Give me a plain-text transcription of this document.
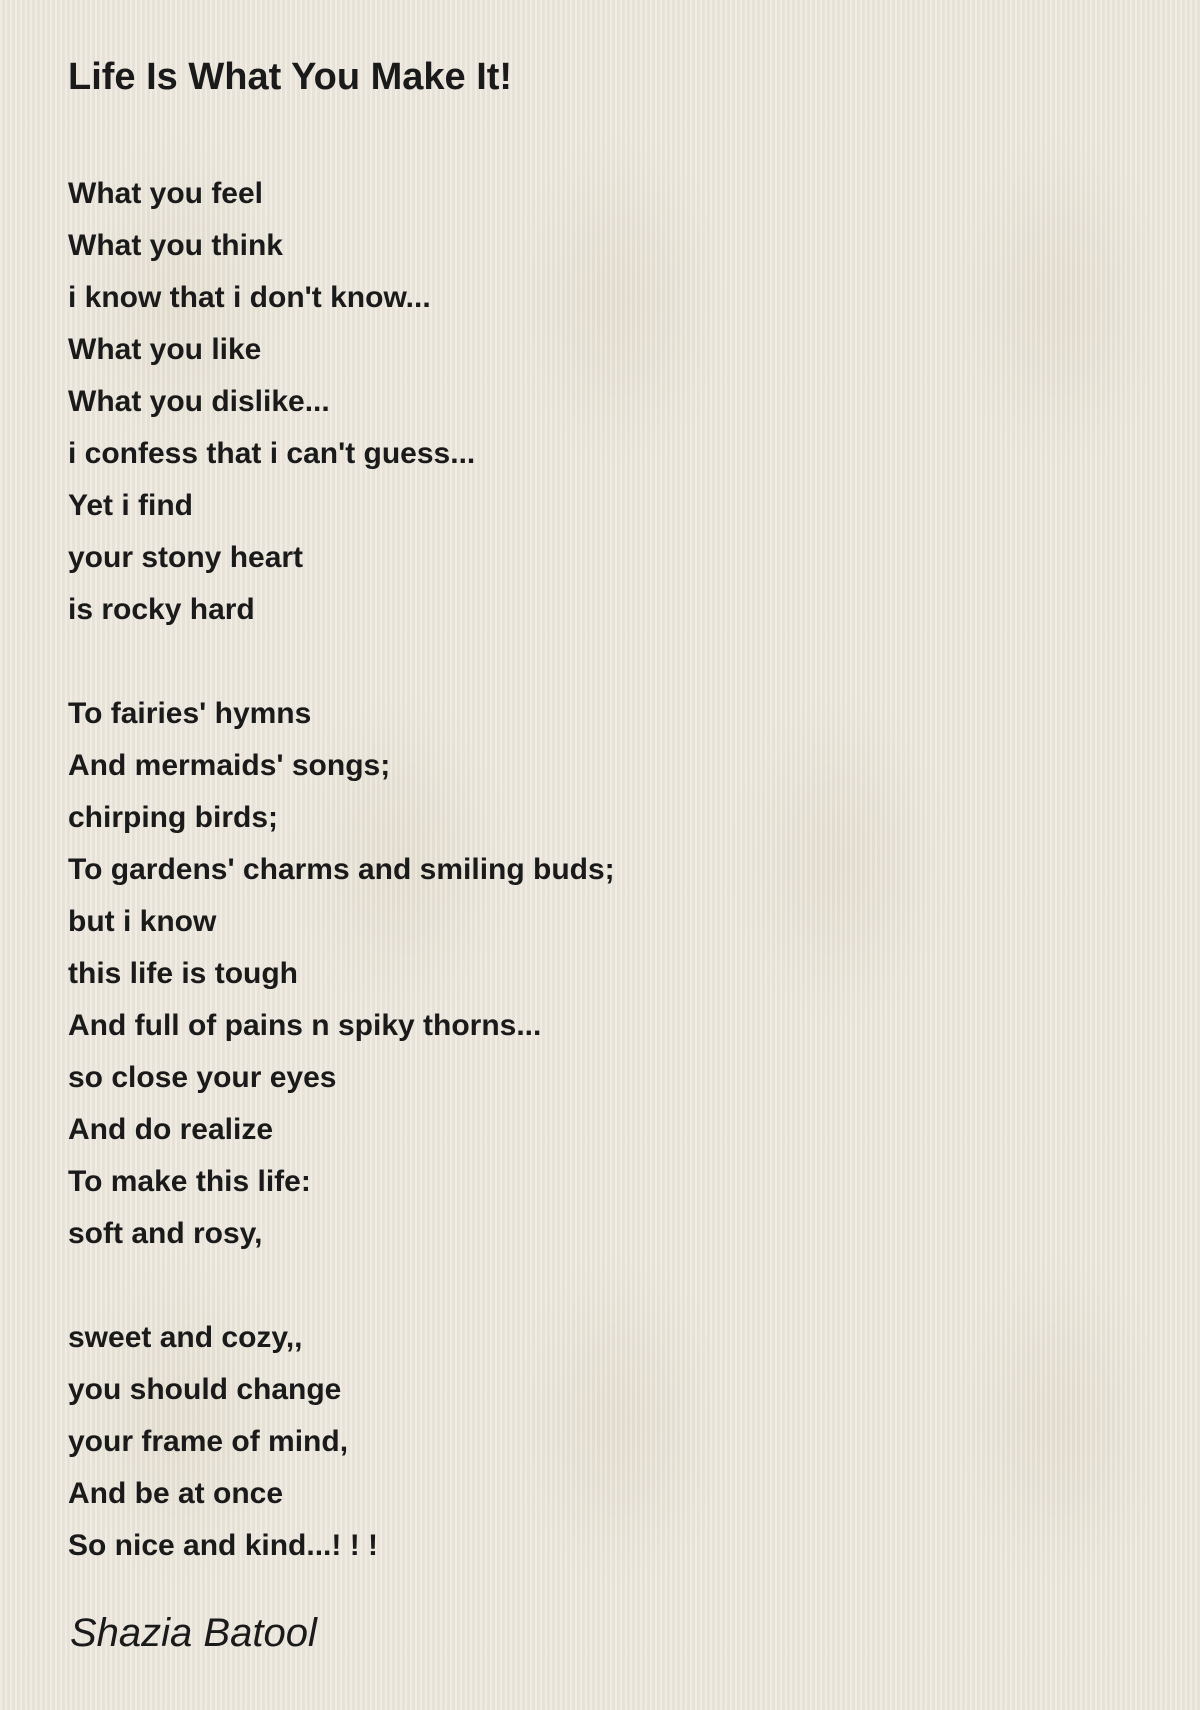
Life Is What You Make It!
What you feel
What you think
i know that i don't know...
What you like
What you dislike...
i confess that i can't guess...
Yet i find
your stony heart
is rocky hard
To fairies' hymns
And mermaids' songs;
chirping birds;
To gardens' charms and smiling buds;
but i know
this life is tough
And full of pains n spiky thorns...
so close your eyes
And do realize
To make this life:
soft and rosy,
sweet and cozy,,
you should change
your frame of mind,
And be at once
So nice and kind...! ! !
Shazia Batool
